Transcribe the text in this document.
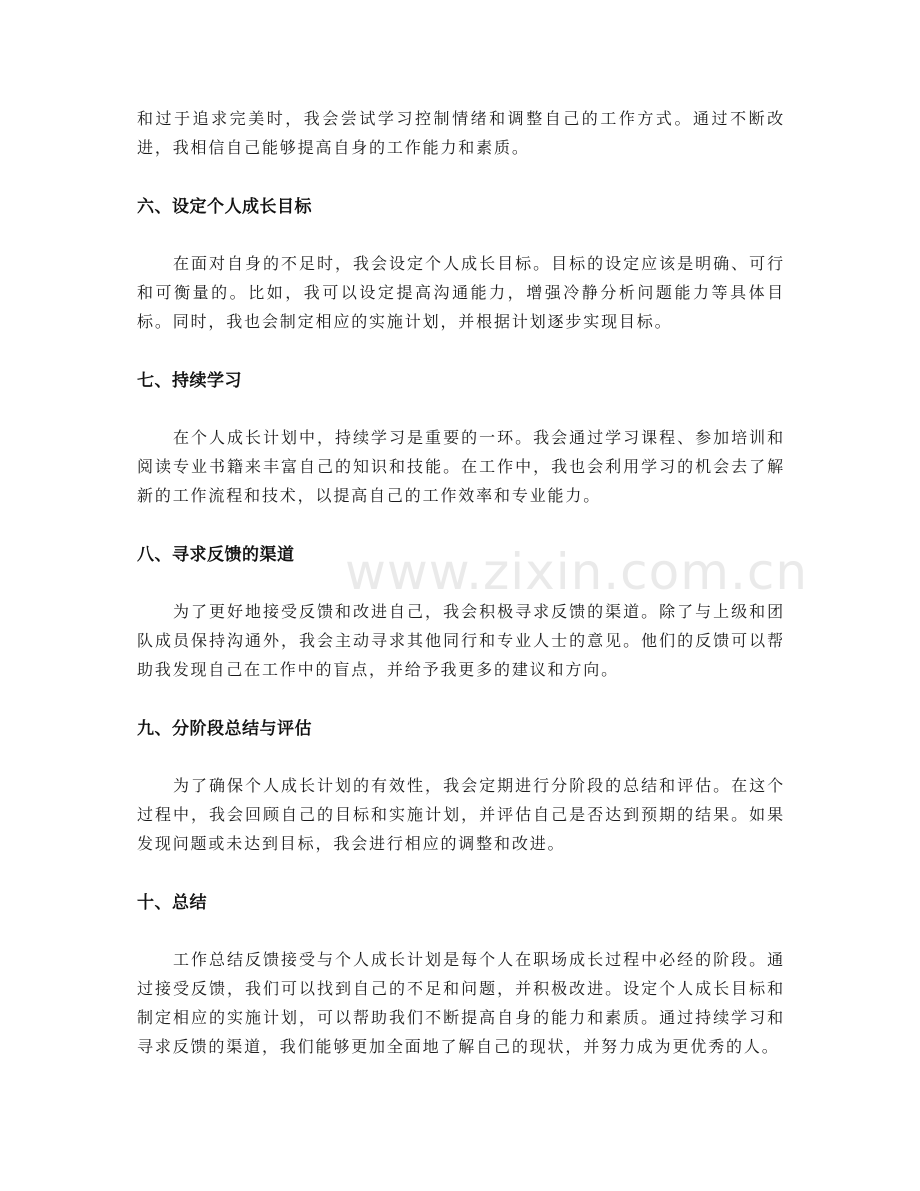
和过于追求完美时，我会尝试学习控制情绪和调整自己的工作方式。通过不断改进，我相信自己能够提高自身的工作能力和素质。

六、设定个人成长目标

在面对自身的不足时，我会设定个人成长目标。目标的设定应该是明确、可行和可衡量的。比如，我可以设定提高沟通能力，增强冷静分析问题能力等具体目标。同时，我也会制定相应的实施计划，并根据计划逐步实现目标。

七、持续学习

在个人成长计划中，持续学习是重要的一环。我会通过学习课程、参加培训和阅读专业书籍来丰富自己的知识和技能。在工作中，我也会利用学习的机会去了解新的工作流程和技术，以提高自己的工作效率和专业能力。

八、寻求反馈的渠道

为了更好地接受反馈和改进自己，我会积极寻求反馈的渠道。除了与上级和团队成员保持沟通外，我会主动寻求其他同行和专业人士的意见。他们的反馈可以帮助我发现自己在工作中的盲点，并给予我更多的建议和方向。

九、分阶段总结与评估

为了确保个人成长计划的有效性，我会定期进行分阶段的总结和评估。在这个过程中，我会回顾自己的目标和实施计划，并评估自己是否达到预期的结果。如果发现问题或未达到目标，我会进行相应的调整和改进。

十、总结

工作总结反馈接受与个人成长计划是每个人在职场成长过程中必经的阶段。通过接受反馈，我们可以找到自己的不足和问题，并积极改进。设定个人成长目标和制定相应的实施计划，可以帮助我们不断提高自身的能力和素质。通过持续学习和寻求反馈的渠道，我们能够更加全面地了解自己的现状，并努力成为更优秀的人。

www.zixin.com.cn
